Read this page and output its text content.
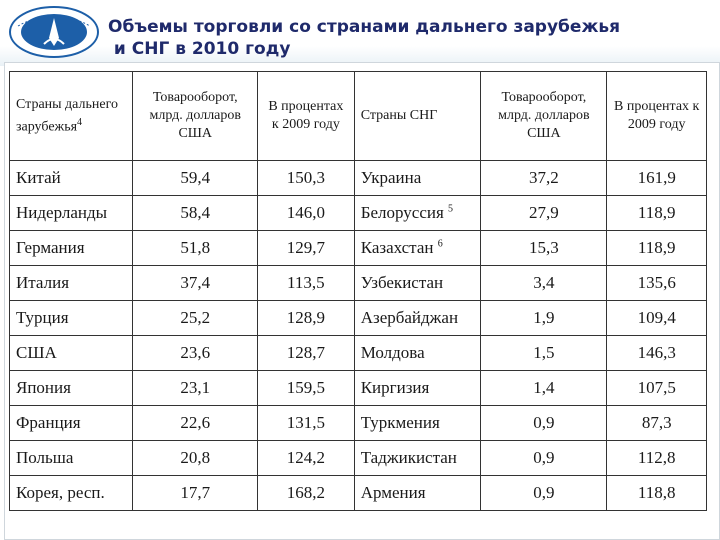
Объемы торговли со странами дальнего зарубежья
и СНГ в 2010 году
Страны дальнего зарубежья$^4$	Товарооборот, млрд. долларов США	В процентах к 2009 году	Страны СНГ	Товарооборот, млрд. долларов США	В процентах к 2009 году
Китай	59,4	150,3	Украина	37,2	161,9
Нидерланды	58,4	146,0	Белоруссия $^5$	27,9	118,9
Германия	51,8	129,7	Казахстан $^6$	15,3	118,9
Италия	37,4	113,5	Узбекистан	3,4	135,6
Турция	25,2	128,9	Азербайджан	1,9	109,4
США	23,6	128,7	Молдова	1,5	146,3
Япония	23,1	159,5	Киргизия	1,4	107,5
Франция	22,6	131,5	Туркмения	0,9	87,3
Польша	20,8	124,2	Таджикистан	0,9	112,8
Корея, респ.	17,7	168,2	Армения	0,9	118,8
